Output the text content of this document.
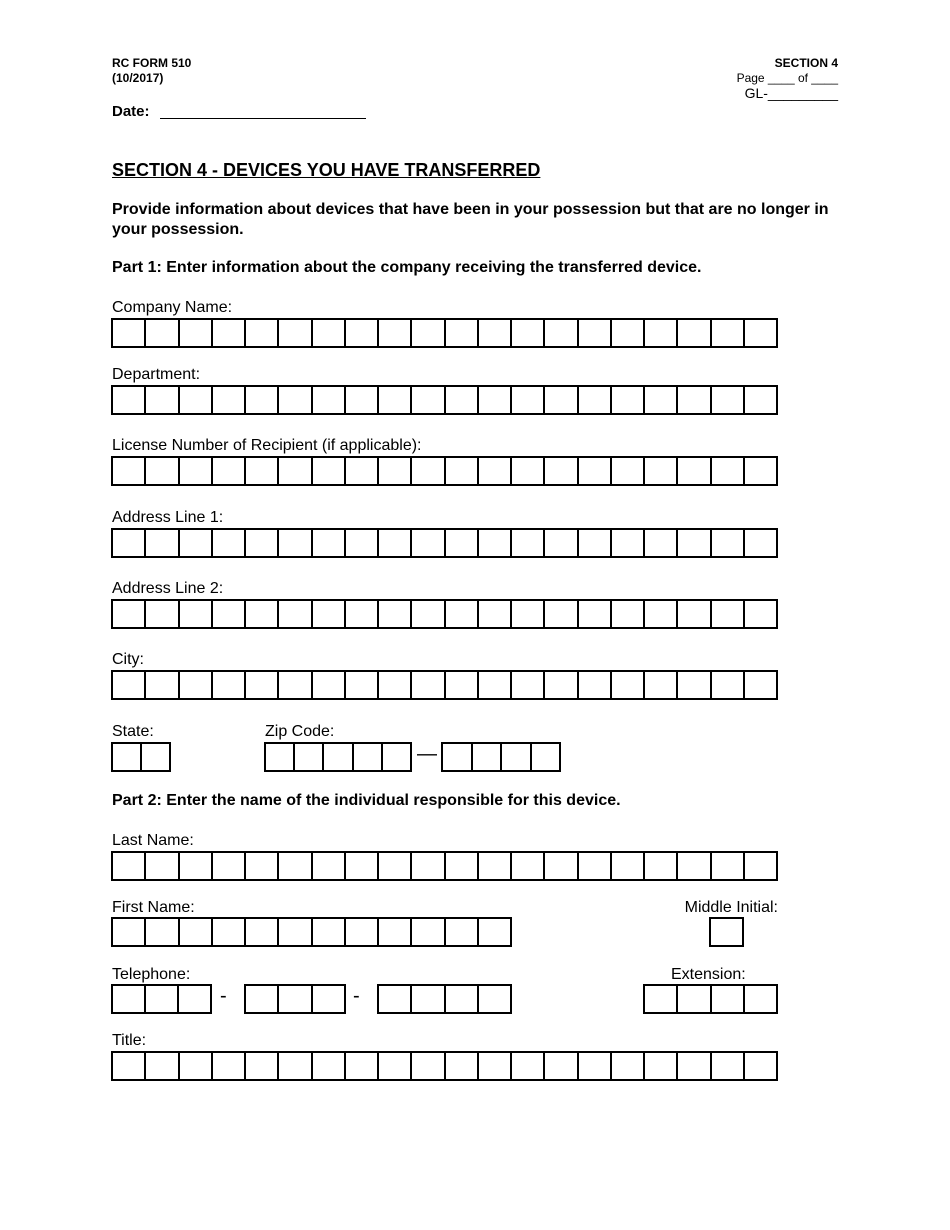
RC FORM 510
(10/2017)
SECTION 4
Page ____ of ____
GL-_________
Date:
SECTION 4 - DEVICES YOU HAVE TRANSFERRED
Provide information about devices that have been in your possession but that are no longer in your possession.
Part 1: Enter information about the company receiving the transferred device.
Company Name:
Department:
License Number of Recipient (if applicable):
Address Line 1:
Address Line 2:
City:
State:	Zip Code:
—
Part 2: Enter the name of the individual responsible for this device.
Last Name:
First Name:	Middle Initial:
Telephone:
-	-
Extension:
Title:
